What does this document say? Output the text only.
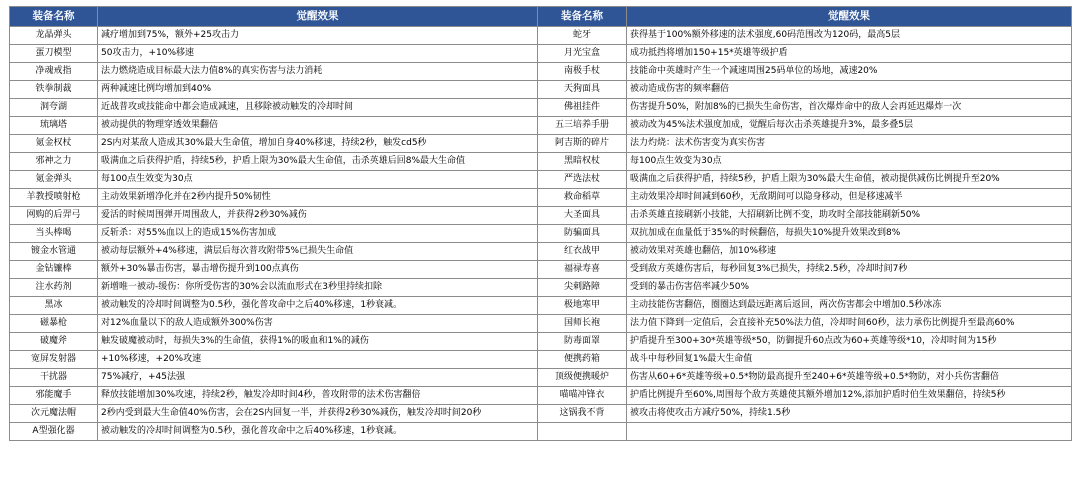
装备名称	觉醒效果	装备名称	觉醒效果
龙晶弹头	减疗增加到75%，额外+25攻击力	蛇牙	获得基于100%额外移速的法术强度,60码范围改为120码，最高5层
蛋刀模型	50攻击力，+10%移速	月光宝盒	成功抵挡将增加150+15*英雄等级护盾
净魂戒指	法力燃烧造成目标最大法力值8%的真实伤害与法力消耗	南极手杖	技能命中英雄时产生一个减速周围25码单位的场地，减速20%
铁拳制裁	两种减速比例均增加到40%	天狗面具	被动造成伤害的频率翻倍
洞夸湖	近战普攻或技能命中都会造成减速，且移除被动触发的冷却时间	佛祖挂件	伤害提升50%，附加8%的已损失生命伤害，首次爆炸命中的敌人会再延迟爆炸一次
琉璃塔	被动提供的物理穿透效果翻倍	五三培养手册	被动改为45%法术强度加成，觉醒后每次击杀英雄提升3%，最多叠5层
氪金权杖	2S内对某敌人造成其30%最大生命值，增加自身40%移速，持续2秒，触发cd5秒	阿吉斯的碎片	法力灼烧：法术伤害变为真实伤害
邪神之力	吸满血之后获得护盾，持续5秒，护盾上限为30%最大生命值，击杀英雄后回8%最大生命值	黑暗权杖	每100点生效变为30点
氪金弹头	每100点生效变为30点	严选法杖	吸满血之后获得护盾，持续5秒，护盾上限为30%最大生命值，被动提供减伤比例提升至20%
羊教授喷射枪	主动效果新增净化并在2秒内提升50%韧性	救命稻草	主动效果冷却时间减到60秒，无敌期间可以隐身移动，但是移速减半
网购的后羿弓	爱活的时候周围弹开周围敌人，并获得2秒30%减伤	大圣面具	击杀英雄直接刷新小技能，大招刷新比例不变，助攻时全部技能刷新50%
当头棒喝	反斩杀：对55%血以上的造成15%伤害加成	防骗面具	双抗加成在血量低于35%的时候翻倍，每损失10%提升效果改到8%
镀金水管通	被动每层额外+4%移速，满层后每次普攻附带5%已损失生命值	红衣战甲	被动效果对英雄也翻倍，加10%移速
金钻镰棒	额外+30%暴击伤害，暴击增伤提升到100点真伤	福禄寿喜	受到敌方英雄伤害后，每秒回复3%已损失，持续2.5秒，冷却时间7秒
注水药剂	新增唯一被动-缓伤：你所受伤害的30%会以流血形式在3秒里持续扣除	尖刺路障	受到的暴击伤害倍率减少50%
黑冰	被动触发的冷却时间调整为0.5秒，强化普攻命中之后40%移速，1秒衰减。	极地寒甲	主动技能伤害翻倍，圈圈达到最远距离后返回，两次伤害都会中增加0.5秒冰冻
磁暴枪	对12%血量以下的敌人造成额外300%伤害	国师长袍	法力值下降到一定值后，会直接补充50%法力值，冷却时间60秒，法力承伤比例提升至最高60%
破魔斧	触发破魔被动时，每损失3%的生命值，获得1%的吸血和1%的减伤	防毒面罩	护盾提升至300+30*英雄等级*50，防御提升60点改为60+英雄等级*10，冷却时间为15秒
宽屏发射器	+10%移速，+20%攻速	便携药箱	战斗中每秒回复1%最大生命值
干扰器	75%减疗，+45法强	顶级便携暖炉	伤害从60+6*英雄等级+0.5*物防最高提升至240+6*英雄等级+0.5*物防，对小兵伤害翻倍
邪能魔手	释放技能增加30%攻速，持续2秒，触发冷却时间4秒，普攻附带的法术伤害翻倍	喵喵冲锋衣	护盾比例提升至60%,周围每个敌方英雄使其额外增加12%,添加护盾时伯生效果翻倍，持续5秒
次元魔法帽	2秒内受到最大生命值40%伤害，会在2S内回复一半，并获得2秒30%减伤，触发冷却时间20秒	这锅我不背	被攻击将使攻击方减疗50%，持续1.5秒
A型强化器	被动触发的冷却时间调整为0.5秒，强化普攻命中之后40%移速，1秒衰减。		
